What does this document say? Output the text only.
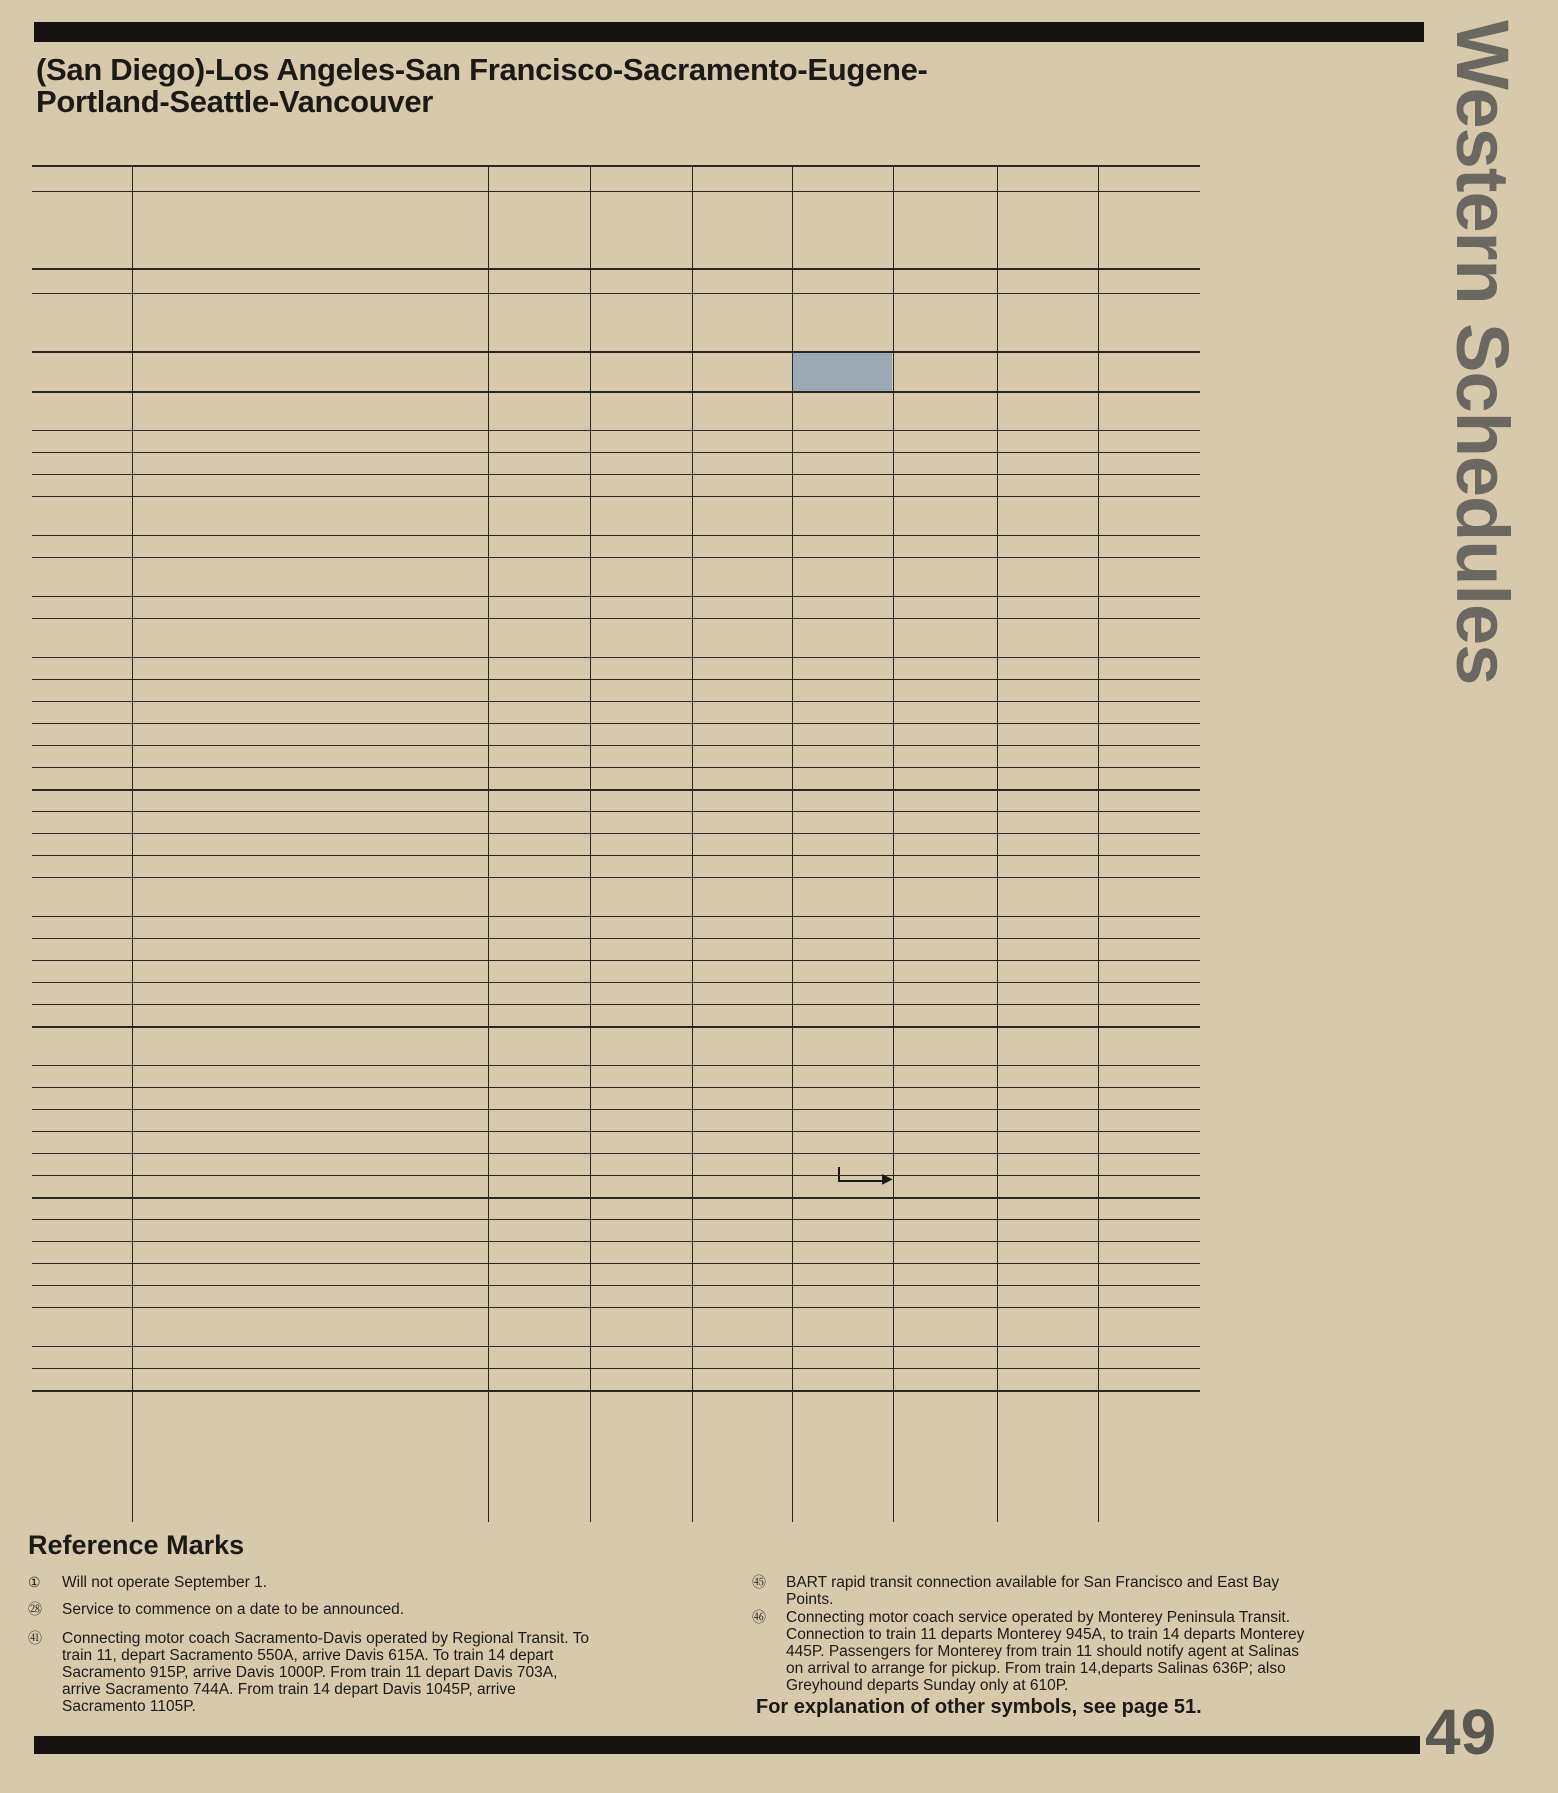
(San Diego)-Los Angeles-San Francisco-Sacramento-Eugene-
Portland-Seattle-Vancouver	Western Schedules
▶
Reference Marks
① Will not operate September 1.
㉘ Service to commence on a date to be announced.
㊶ Connecting motor coach Sacramento-Davis operated by Regional Transit. To
train 11, depart Sacramento 550A, arrive Davis 615A. To train 14 depart
Sacramento 915P, arrive Davis 1000P. From train 11 depart Davis 703A,
arrive Sacramento 744A. From train 14 depart Davis 1045P, arrive
Sacramento 1105P.
㊺ BART rapid transit connection available for San Francisco and East Bay
Points.
㊻ Connecting motor coach service operated by Monterey Peninsula Transit.
Connection to train 11 departs Monterey 945A, to train 14 departs Monterey
445P. Passengers for Monterey from train 11 should notify agent at Salinas
on arrival to arrange for pickup. From train 14,departs Salinas 636P; also
Greyhound departs Sunday only at 610P.
For explanation of other symbols, see page 51.	49
